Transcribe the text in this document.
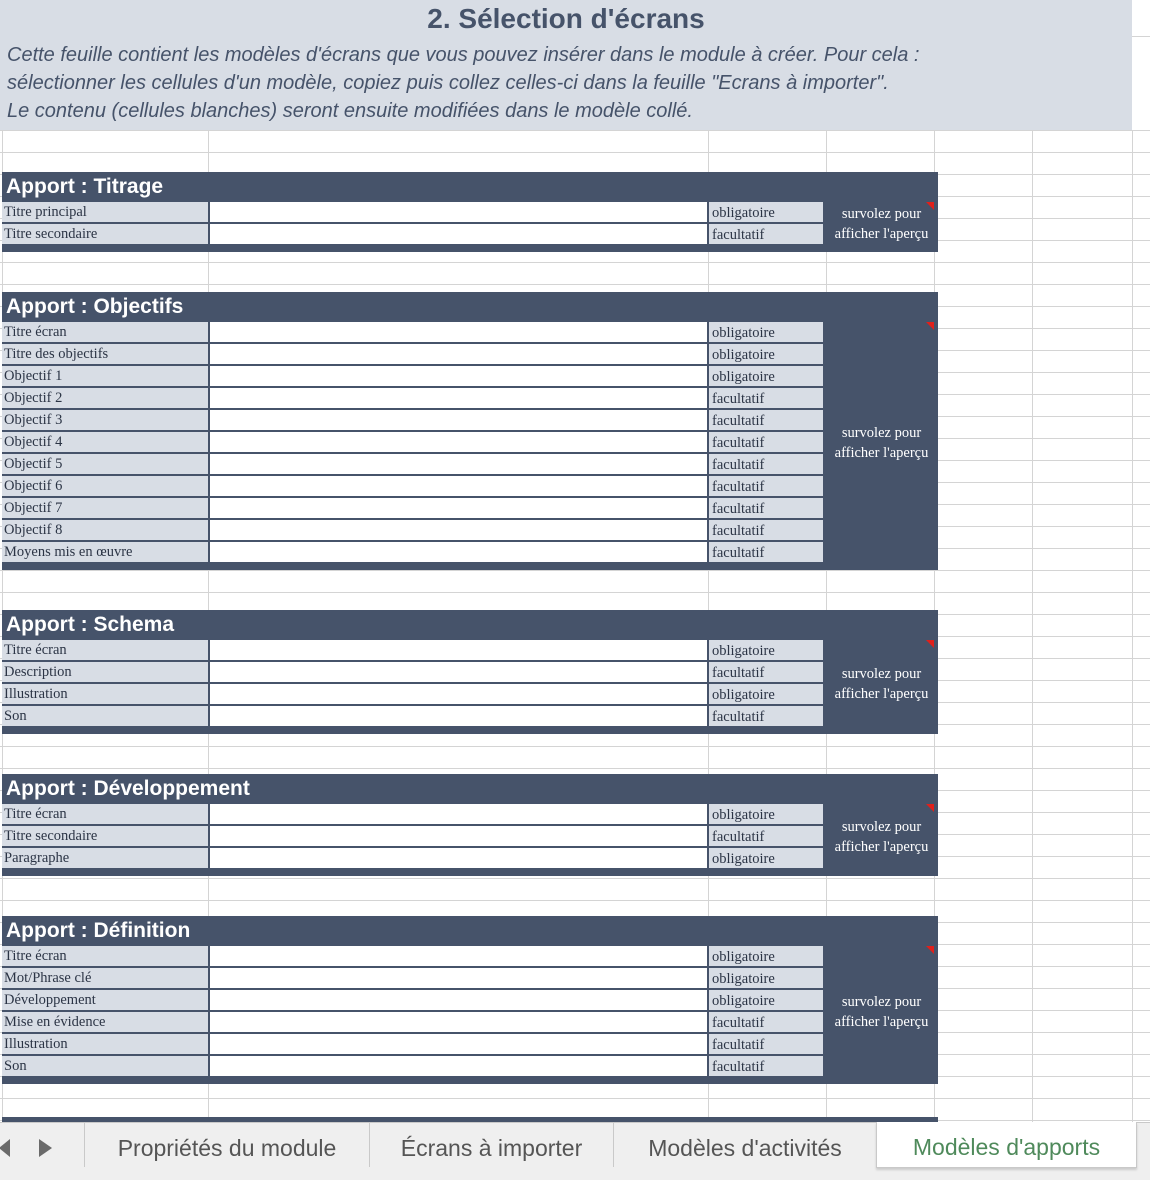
2. Sélection d'écrans
Cette feuille contient les modèles d'écrans que vous pouvez insérer dans le module à créer. Pour cela :
sélectionner les cellules d'un modèle, copiez puis collez celles-ci dans la feuille "Ecrans à importer".
Le contenu (cellules blanches) seront ensuite modifiées dans le modèle collé.
Apport : Titrage
Titre principal	obligatoire
Titre secondaire	facultatif
survolez pour
afficher l'aperçu
Apport : Objectifs
Titre écran	obligatoire
Titre des objectifs	obligatoire
Objectif 1	obligatoire
Objectif 2	facultatif
Objectif 3	facultatif
Objectif 4	facultatif
Objectif 5	facultatif
Objectif 6	facultatif
Objectif 7	facultatif
Objectif 8	facultatif
Moyens mis en œuvre	facultatif
survolez pour
afficher l'aperçu
Apport : Schema
Titre écran	obligatoire
Description	facultatif
Illustration	obligatoire
Son	facultatif
survolez pour
afficher l'aperçu
Apport : Développement
Titre écran	obligatoire
Titre secondaire	facultatif
Paragraphe	obligatoire
survolez pour
afficher l'aperçu
Apport : Définition
Titre écran	obligatoire
Mot/Phrase clé	obligatoire
Développement	obligatoire
Mise en évidence	facultatif
Illustration	facultatif
Son	facultatif
survolez pour
afficher l'aperçu
Propriétés du module	Écrans à importer	Modèles d'activités	Modèles d'apports
